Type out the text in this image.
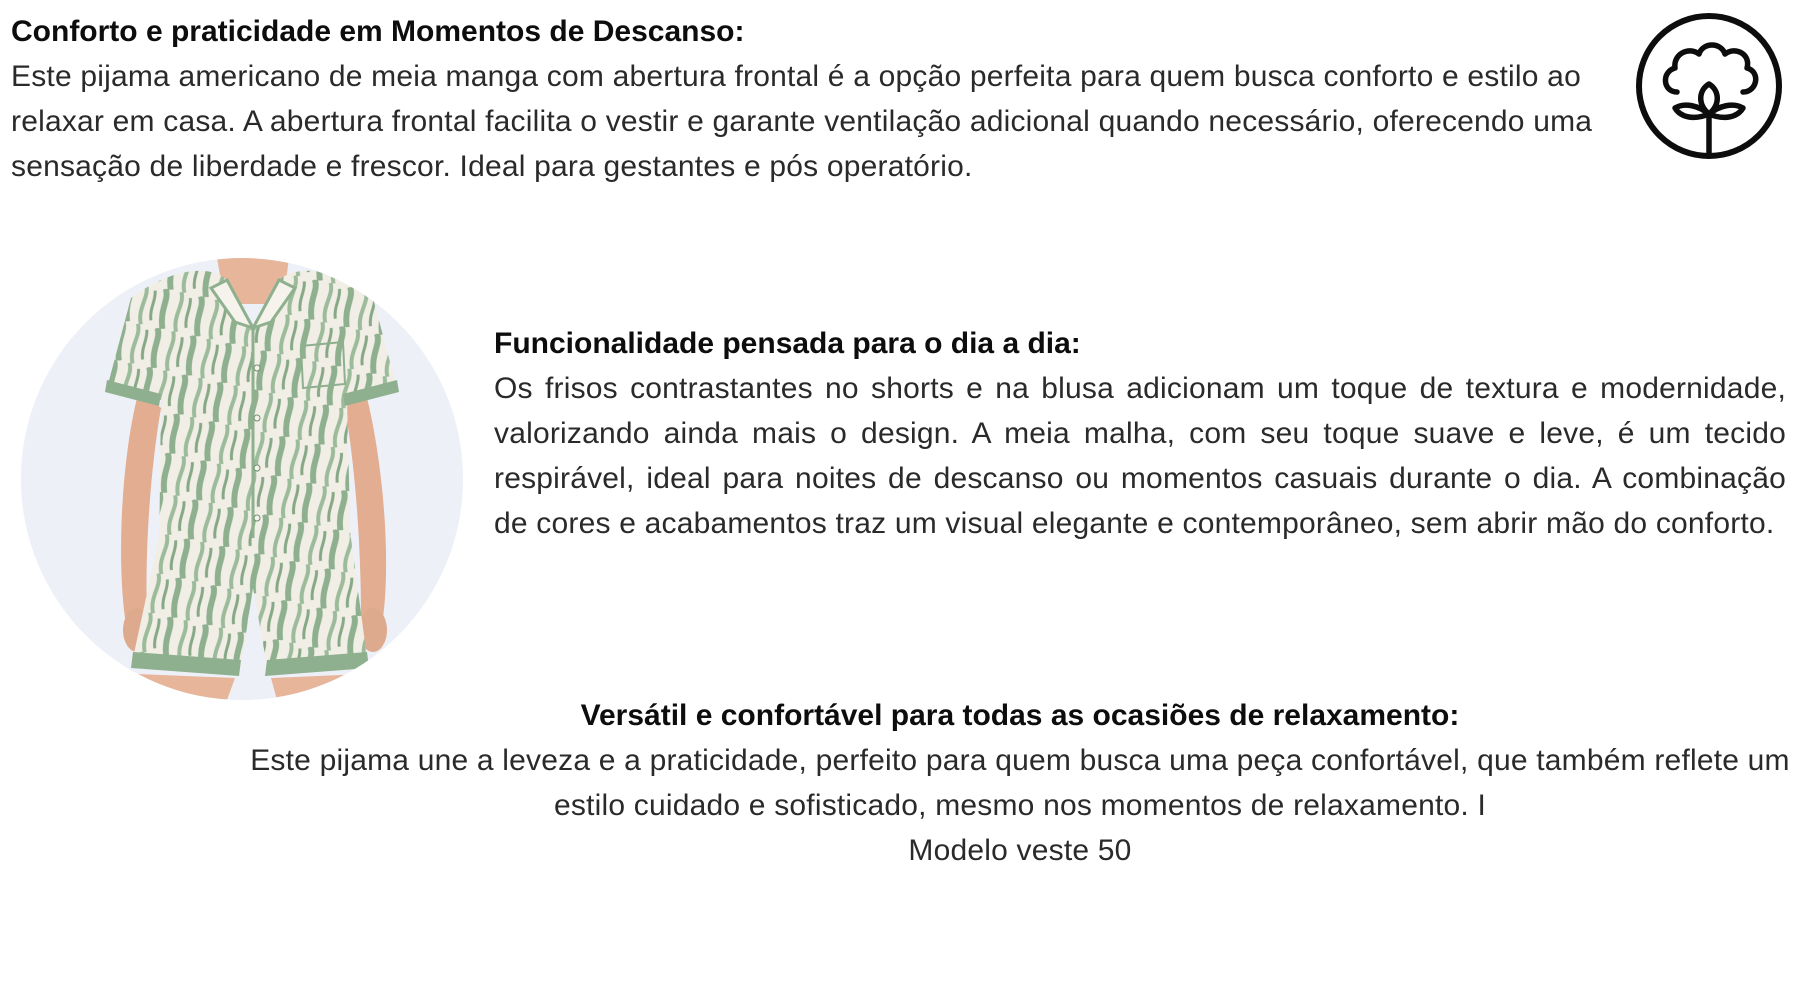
Conforto e praticidade em Momentos de Descanso:

Este pijama americano de meia manga com abertura frontal é a opção perfeita para quem busca conforto e estilo ao relaxar em casa. A abertura frontal facilita o vestir e garante ventilação adicional quando necessário, oferecendo uma sensação de liberdade e frescor. Ideal para gestantes e pós operatório.

Funcionalidade pensada para o dia a dia:

Os frisos contrastantes no shorts e na blusa adicionam um toque de textura e modernidade, valorizando ainda mais o design. A meia malha, com seu toque suave e leve, é um tecido respirável, ideal para noites de descanso ou momentos casuais durante o dia. A combinação de cores e acabamentos traz um visual elegante e contemporâneo, sem abrir mão do conforto.

Versátil e confortável para todas as ocasiões de relaxamento:

Este pijama une a leveza e a praticidade, perfeito para quem busca uma peça confortável, que também reflete um estilo cuidado e sofisticado, mesmo nos momentos de relaxamento. I

Modelo veste 50
